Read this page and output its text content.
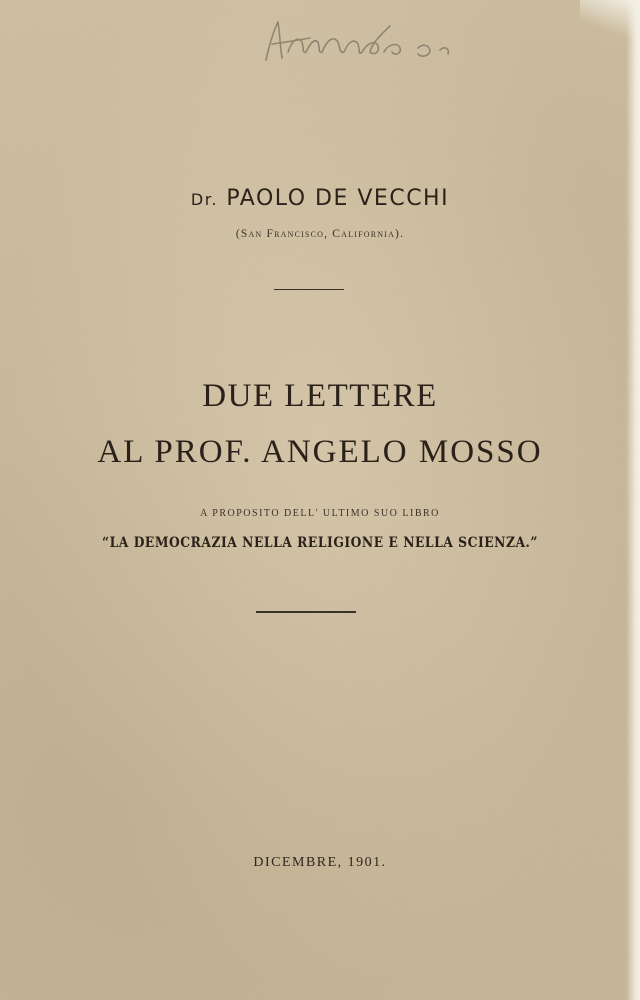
Dr. PAOLO DE VECCHI
(San Francisco, California).
DUE LETTERE
AL PROF. ANGELO MOSSO
A PROPOSITO DELL' ULTIMO SUO LIBRO
“LA DEMOCRAZIA NELLA RELIGIONE E NELLA SCIENZA.”
DICEMBRE, 1901.
